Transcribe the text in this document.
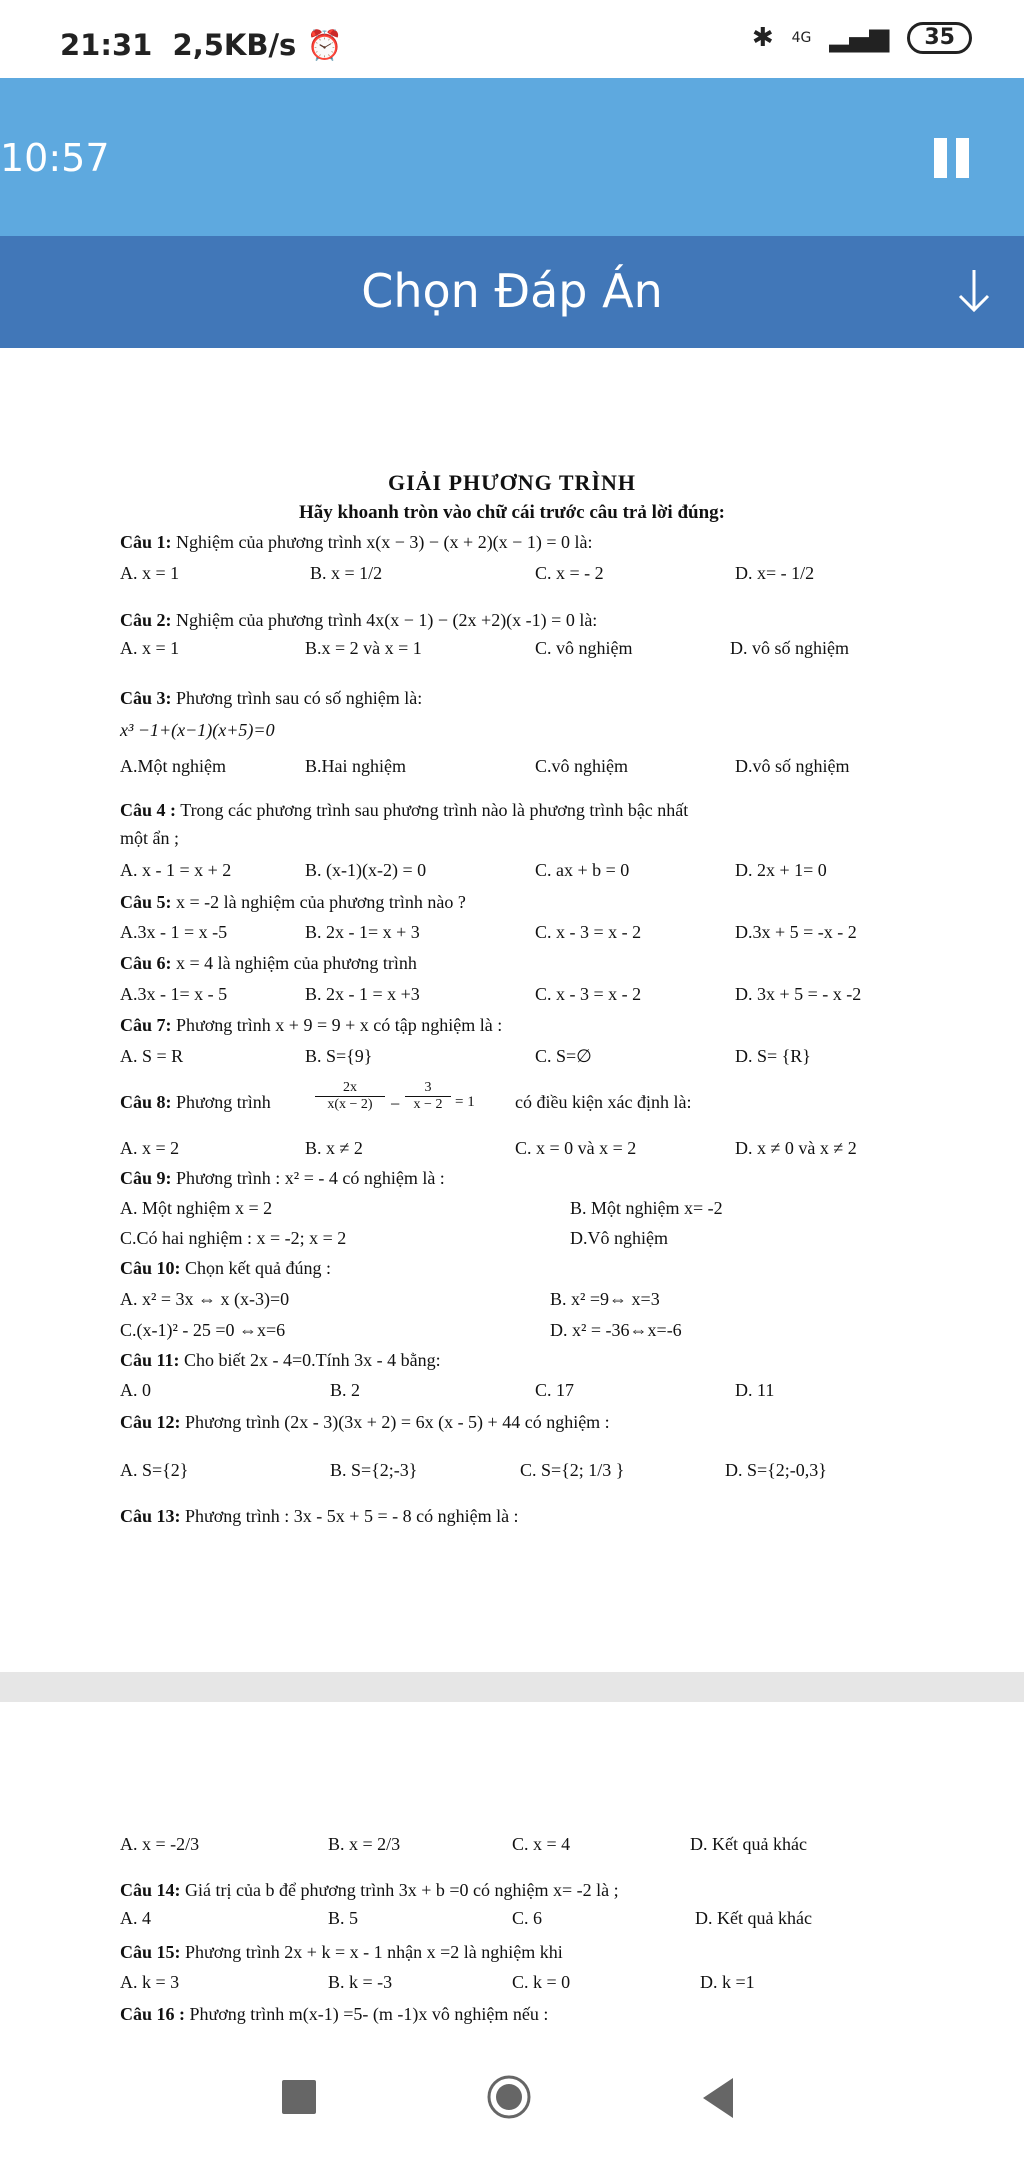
21:31 2,5KB/s ⏰	✱ 4G ▂▄▆	35
10:57
Chọn Đáp Án
GIẢI PHƯƠNG TRÌNH
Hãy khoanh tròn vào chữ cái trước câu trả lời đúng:
Câu 1: Nghiệm của phương trình x(x − 3) − (x + 2)(x − 1) = 0 là:
A. x = 1	B. x = 1/2	C. x = - 2	D. x= - 1/2
Câu 2: Nghiệm của phương trình 4x(x − 1) − (2x +2)(x -1) = 0 là:
A. x = 1	B.x = 2 và x = 1	C. vô nghiệm	D. vô số nghiệm
Câu 3: Phương trình sau có số nghiệm là:
x³ −1+(x−1)(x+5)=0
A.Một nghiệm	B.Hai nghiệm	C.vô nghiệm	D.vô số nghiệm
Câu 4 : Trong các phương trình sau phương trình nào là phương trình bậc nhất
một ẩn ;
A. x - 1 = x + 2	B. (x-1)(x-2) = 0	C. ax + b = 0	D. 2x + 1= 0
Câu 5: x = -2 là nghiệm của phương trình nào ?
A.3x - 1 = x -5	B. 2x - 1= x + 3	C. x - 3 = x - 2	D.3x + 5 = -x - 2
Câu 6: x = 4 là nghiệm của phương trình
A.3x - 1= x - 5	B. 2x - 1 = x +3	C. x - 3 = x - 2	D. 3x + 5 = - x -2
Câu 7: Phương trình x + 9 = 9 + x có tập nghiệm là :
A. S = R	B. S={9}	C. S=∅	D. S= {R}
Câu 8: Phương trình
2x
x(x − 2) −
3
x − 2 = 1 có điều kiện xác định là:
A. x = 2	B. x ≠ 2	C. x = 0 và x = 2	D. x ≠ 0 và x ≠ 2
Câu 9: Phương trình : x² = - 4 có nghiệm là :
A. Một nghiệm x = 2	B. Một nghiệm x= -2
C.Có hai nghiệm : x = -2; x = 2	D.Vô nghiệm
Câu 10: Chọn kết quả đúng :
A. x² = 3x ⇔ x (x-3)=0	B. x² =9⇔ x=3
C.(x-1)² - 25 =0 ⇔x=6	D. x² = -36⇔x=-6
Câu 11: Cho biết 2x - 4=0.Tính 3x - 4 bằng:
A. 0	B. 2	C. 17	D. 11
Câu 12: Phương trình (2x - 3)(3x + 2) = 6x (x - 5) + 44 có nghiệm :
A. S={2}	B. S={2;-3}	C. S={2; 1/3 }	D. S={2;-0,3}
Câu 13: Phương trình : 3x - 5x + 5 = - 8 có nghiệm là :
A. x = -2/3	B. x = 2/3	C. x = 4	D. Kết quả khác
Câu 14: Giá trị của b để phương trình 3x + b =0 có nghiệm x= -2 là ;
A. 4	B. 5	C. 6	D. Kết quả khác
Câu 15: Phương trình 2x + k = x - 1 nhận x =2 là nghiệm khi
A. k = 3	B. k = -3	C. k = 0	D. k =1
Câu 16 : Phương trình m(x-1) =5- (m -1)x vô nghiệm nếu :
